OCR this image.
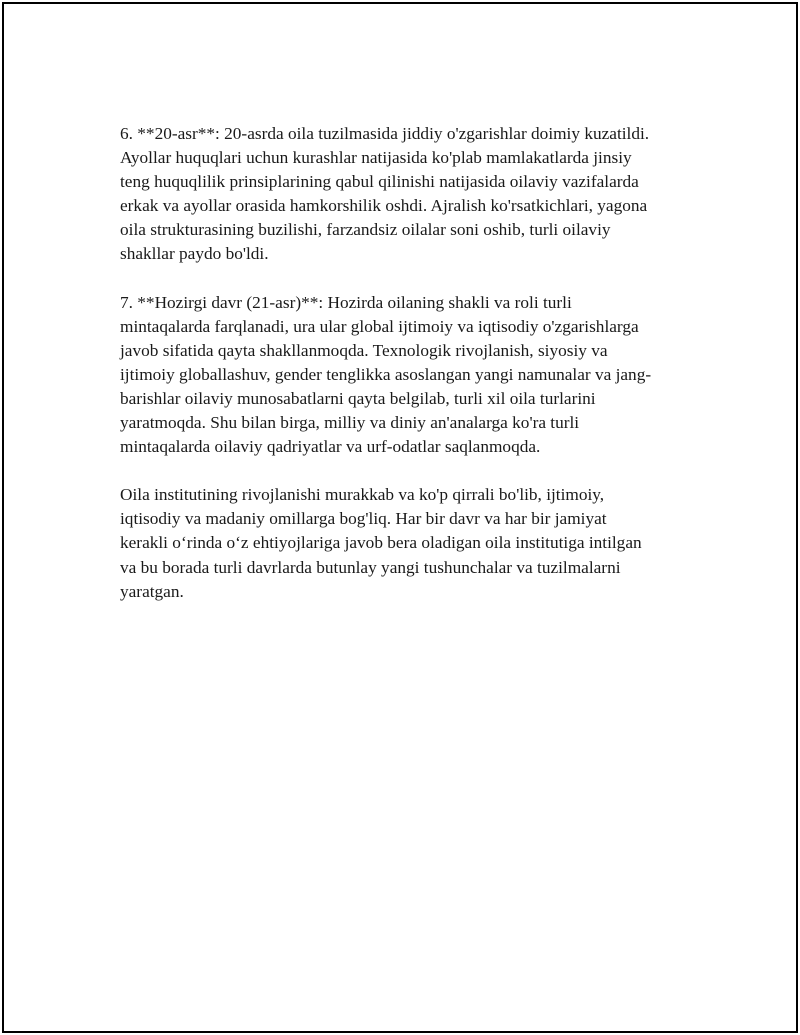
6. **20-asr**: 20-asrda oila tuzilmasida jiddiy o'zgarishlar doimiy kuzatildi.
Ayollar huquqlari uchun kurashlar natijasida ko'plab mamlakatlarda jinsiy
teng huquqlilik prinsiplarining qabul qilinishi natijasida oilaviy vazifalarda
erkak va ayollar orasida hamkorshilik oshdi. Ajralish ko'rsatkichlari, yagona
oila strukturasining buzilishi, farzandsiz oilalar soni oshib, turli oilaviy
shakllar paydo bo'ldi.

7. **Hozirgi davr (21-asr)**: Hozirda oilaning shakli va roli turli
mintaqalarda farqlanadi, ura ular global ijtimoiy va iqtisodiy o'zgarishlarga
javob sifatida qayta shakllanmoqda. Texnologik rivojlanish, siyosiy va
ijtimoiy globallashuv, gender tenglikka asoslangan yangi namunalar va jang-
barishlar oilaviy munosabatlarni qayta belgilab, turli xil oila turlarini
yaratmoqda. Shu bilan birga, milliy va diniy an'analarga ko'ra turli
mintaqalarda oilaviy qadriyatlar va urf-odatlar saqlanmoqda.

Oila institutining rivojlanishi murakkab va ko'p qirrali bo'lib, ijtimoiy,
iqtisodiy va madaniy omillarga bog'liq. Har bir davr va har bir jamiyat
kerakli o‘rinda o‘z ehtiyojlariga javob bera oladigan oila institutiga intilgan
va bu borada turli davrlarda butunlay yangi tushunchalar va tuzilmalarni
yaratgan.
